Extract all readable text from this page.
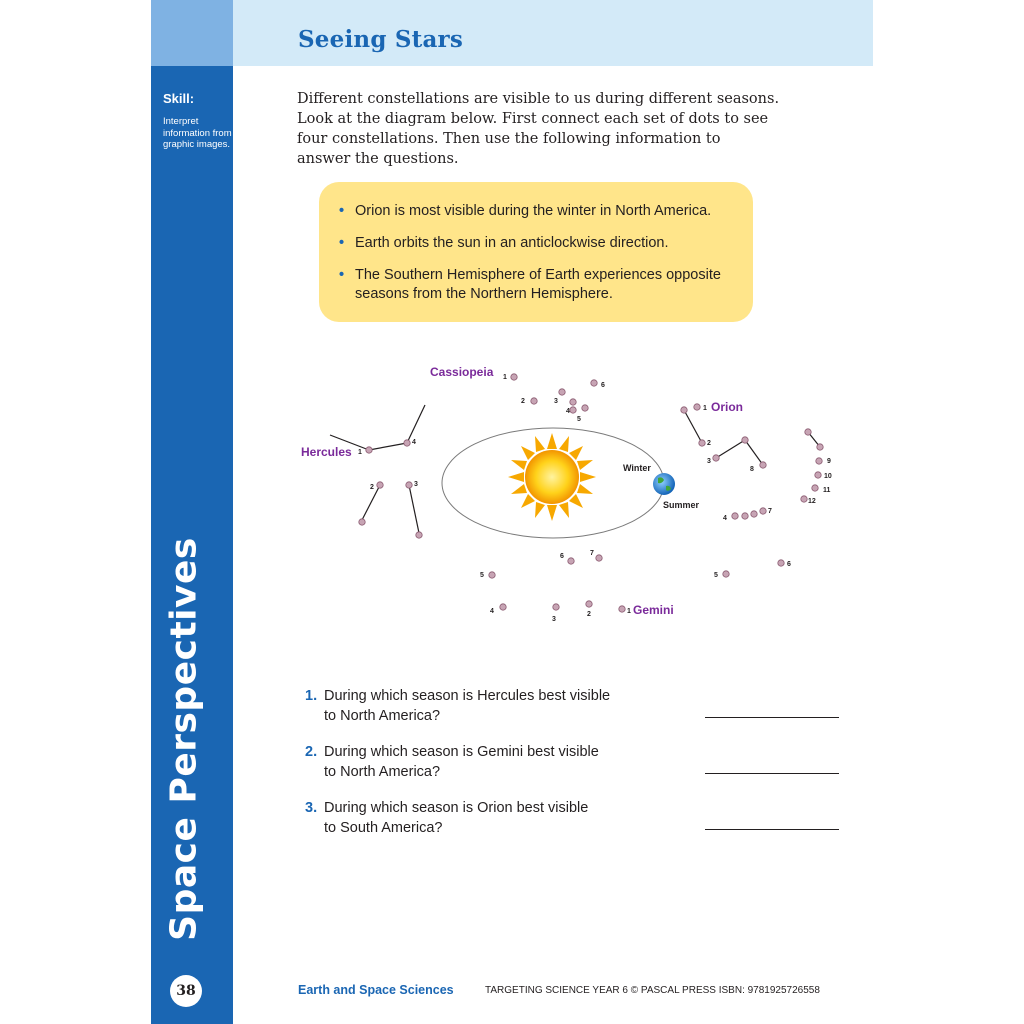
Skill:
Interpret information from graphic images.
Space Perspectives
38
Seeing Stars

Different constellations are visible to us during different seasons.

Look at the diagram below. First connect each set of dots to see

four constellations. Then use the following information to

answer the questions.

• Orion is most visible during the winter in North America.
• Earth orbits the sun in an anticlockwise direction.
• The Southern Hemisphere of Earth experiences opposite seasons from the Northern Hemisphere.
Winter
Summer
1
2	3
4
5
6
1
2
3
8
9
10
11
12
4
7
1
4
2	3
5
6	7
4
3
2	1
5
6
Cassiopeia
Orion
Hercules
Gemini
1. During which season is Hercules best visible
to North America?
2. During which season is Gemini best visible
to North America?
3. During which season is Orion best visible
to South America?
Earth and Space Sciences	TARGETING SCIENCE YEAR 6 © PASCAL PRESS ISBN: 9781925726558
